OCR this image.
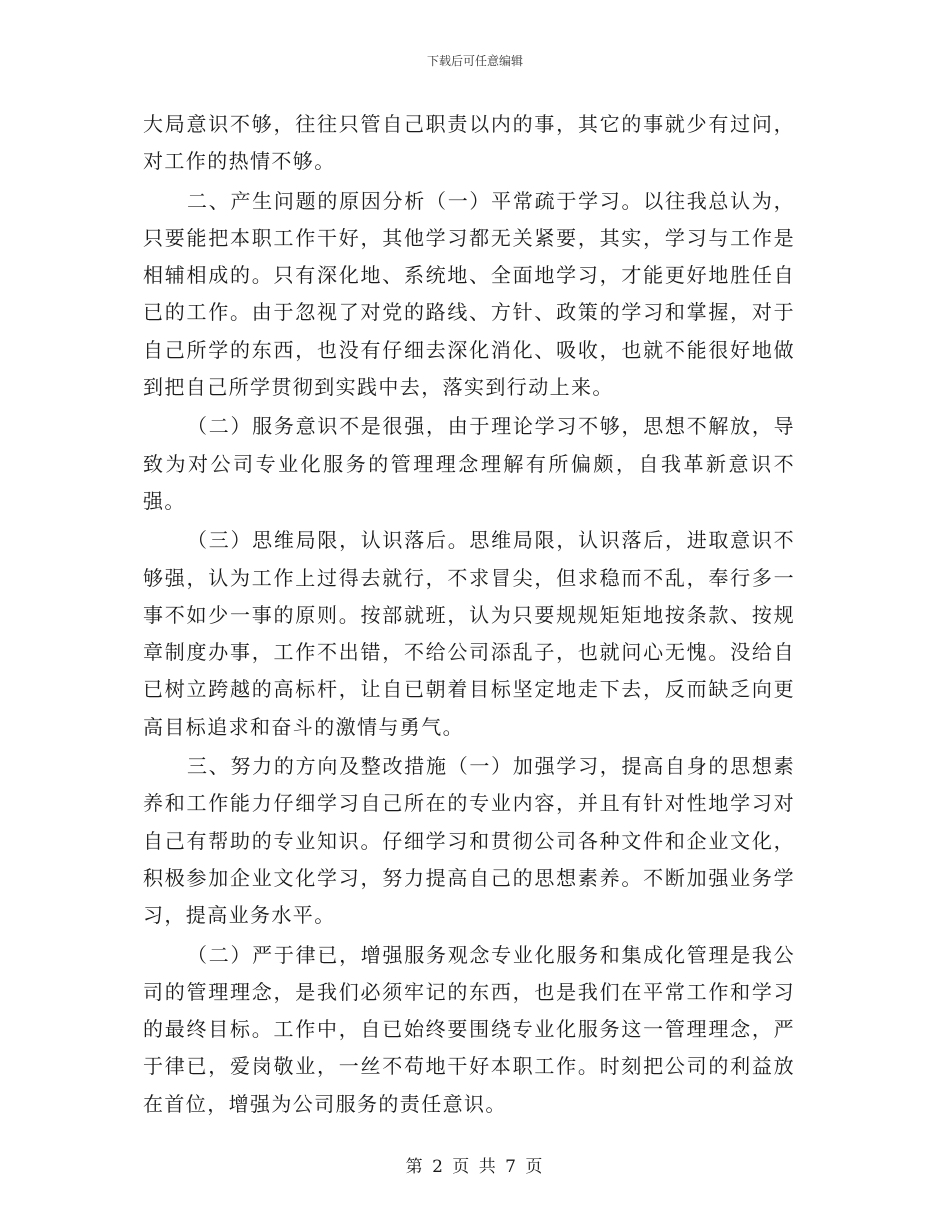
下载后可任意编辑

大局意识不够，往往只管自己职责以内的事，其它的事就少有过问，对工作的热情不够。

二、产生问题的原因分析（一）平常疏于学习。以往我总认为，只要能把本职工作干好，其他学习都无关紧要，其实，学习与工作是相辅相成的。只有深化地、系统地、全面地学习，才能更好地胜任自已的工作。由于忽视了对党的路线、方针、政策的学习和掌握，对于自己所学的东西，也没有仔细去深化消化、吸收，也就不能很好地做到把自己所学贯彻到实践中去，落实到行动上来。

（二）服务意识不是很强，由于理论学习不够，思想不解放，导致为对公司专业化服务的管理理念理解有所偏颇，自我革新意识不强。

（三）思维局限，认识落后。思维局限，认识落后，进取意识不够强，认为工作上过得去就行，不求冒尖，但求稳而不乱，奉行多一事不如少一事的原则。按部就班，认为只要规规矩矩地按条款、按规章制度办事，工作不出错，不给公司添乱子，也就问心无愧。没给自已树立跨越的高标杆，让自已朝着目标坚定地走下去，反而缺乏向更高目标追求和奋斗的激情与勇气。

三、努力的方向及整改措施（一）加强学习，提高自身的思想素养和工作能力仔细学习自己所在的专业内容，并且有针对性地学习对自己有帮助的专业知识。仔细学习和贯彻公司各种文件和企业文化，积极参加企业文化学习，努力提高自己的思想素养。不断加强业务学习，提高业务水平。

（二）严于律已，增强服务观念专业化服务和集成化管理是我公司的管理理念，是我们必须牢记的东西，也是我们在平常工作和学习的最终目标。工作中，自已始终要围绕专业化服务这一管理理念，严于律已，爱岗敬业，一丝不苟地干好本职工作。时刻把公司的利益放在首位，增强为公司服务的责任意识。

第 2 页 共 7 页
